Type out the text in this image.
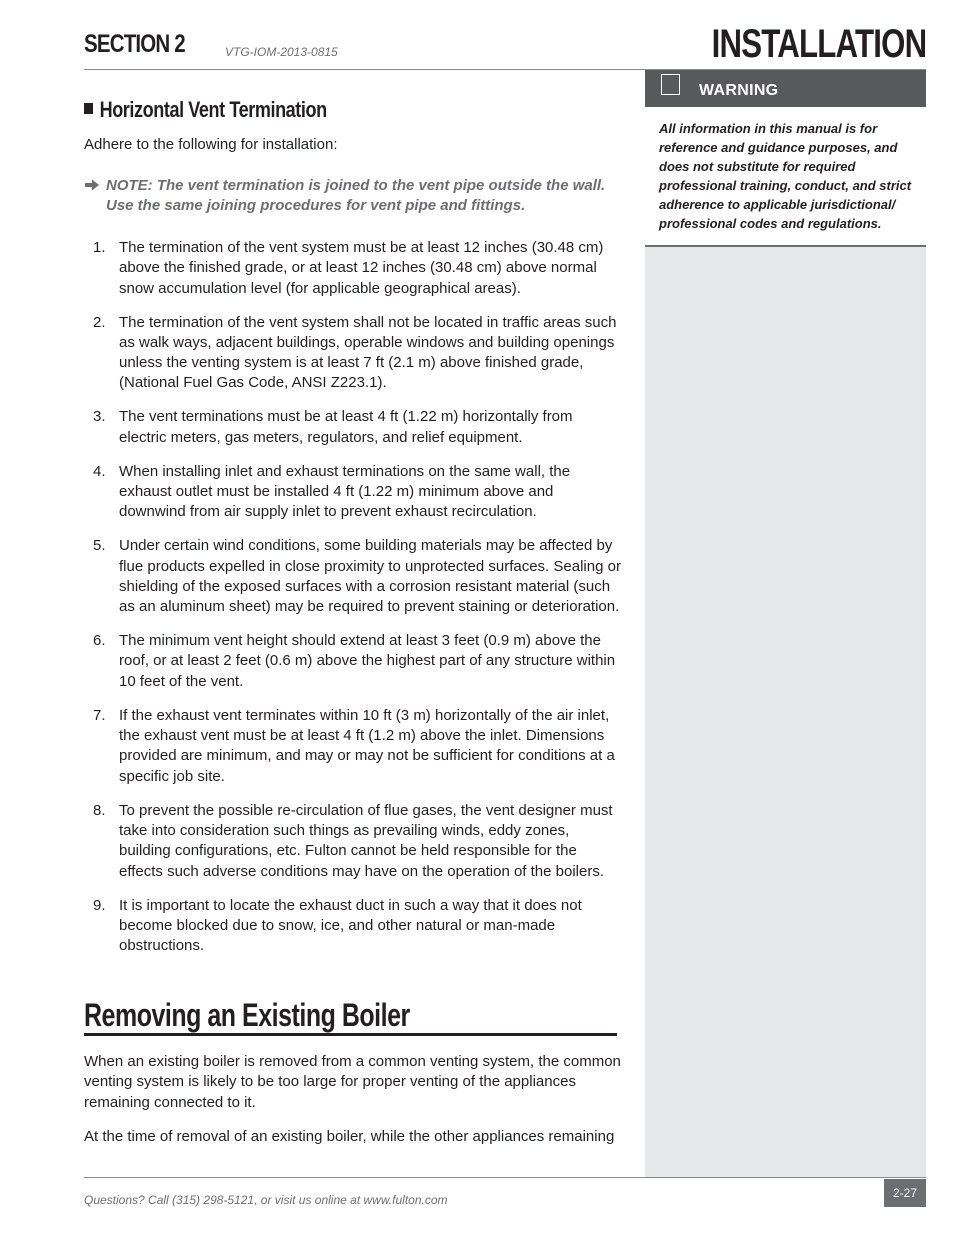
SECTION 2	VTG-IOM-2013-0815	INSTALLATION
WARNING

All information in this manual is for reference and guidance purposes, and does not substitute for required professional training, conduct, and strict adherence to applicable jurisdictional/ professional codes and regulations.

Horizontal Vent Termination

Adhere to the following for installation:

NOTE: The vent termination is joined to the vent pipe outside the wall. Use the same joining procedures for vent pipe and fittings.

1. The termination of the vent system must be at least 12 inches (30.48 cm) above the finished grade, or at least 12 inches (30.48 cm) above normal snow accumulation level (for applicable geographical areas).
2. The termination of the vent system shall not be located in traffic areas such as walk ways, adjacent buildings, operable windows and building openings unless the venting system is at least 7 ft (2.1 m) above finished grade, (National Fuel Gas Code, ANSI Z223.1).
3. The vent terminations must be at least 4 ft (1.22 m) horizontally from electric meters, gas meters, regulators, and relief equipment.
4. When installing inlet and exhaust terminations on the same wall, the exhaust outlet must be installed 4 ft (1.22 m) minimum above and downwind from air supply inlet to prevent exhaust recirculation.
5. Under certain wind conditions, some building materials may be affected by flue products expelled in close proximity to unprotected surfaces. Sealing or shielding of the exposed surfaces with a corrosion resistant material (such as an aluminum sheet) may be required to prevent staining or deterioration.
6. The minimum vent height should extend at least 3 feet (0.9 m) above the roof, or at least 2 feet (0.6 m) above the highest part of any structure within 10 feet of the vent.
7. If the exhaust vent terminates within 10 ft (3 m) horizontally of the air inlet, the exhaust vent must be at least 4 ft (1.2 m) above the inlet. Dimensions provided are minimum, and may or may not be sufficient for conditions at a specific job site.
8. To prevent the possible re-circulation of flue gases, the vent designer must take into consideration such things as prevailing winds, eddy zones, building configurations, etc. Fulton cannot be held responsible for the effects such adverse conditions may have on the operation of the boilers.
9. It is important to locate the exhaust duct in such a way that it does not become blocked due to snow, ice, and other natural or man-made obstructions.
Removing an Existing Boiler

When an existing boiler is removed from a common venting system, the common venting system is likely to be too large for proper venting of the appliances remaining connected to it.

At the time of removal of an existing boiler, while the other appliances remaining

Questions? Call (315) 298-5121, or visit us online at www.fulton.com	2-27
